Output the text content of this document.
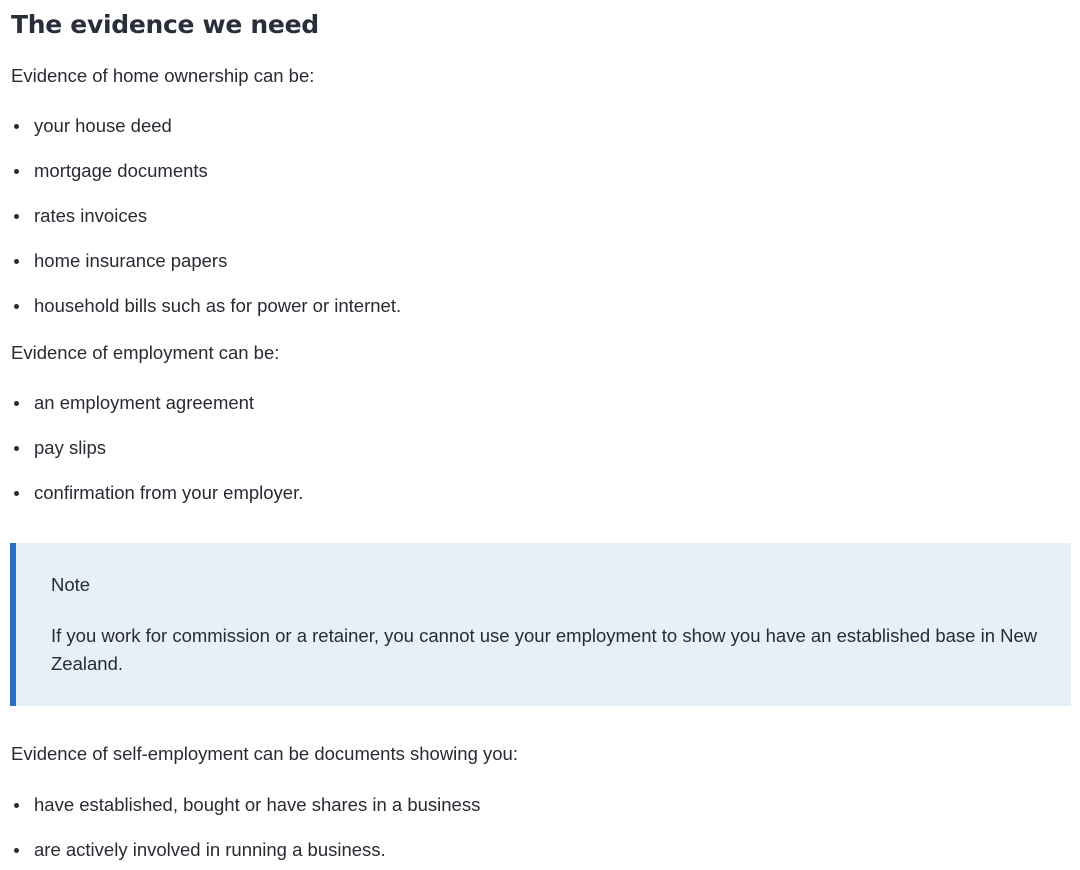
The evidence we need

Evidence of home ownership can be:

your house deed
mortgage documents
rates invoices
home insurance papers
household bills such as for power or internet.

Evidence of employment can be:

an employment agreement
pay slips
confirmation from your employer.
Note
If you work for commission or a retainer, you cannot use your employment to show you have an established base in New Zealand.

Evidence of self-employment can be documents showing you:

have established, bought or have shares in a business
are actively involved in running a business.
